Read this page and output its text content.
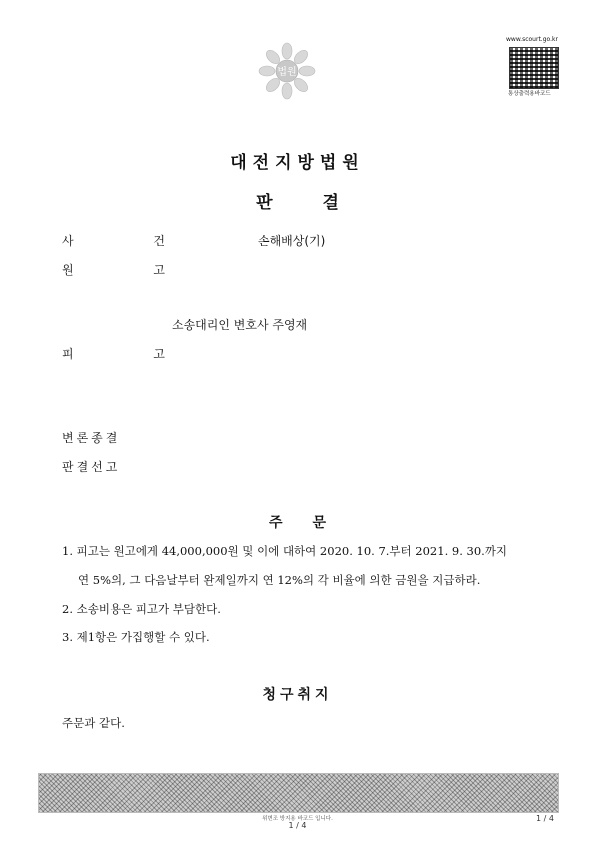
법원
www.scourt.go.kr
통상출력용바코드
대전지방법원
판결
사 건	손해배상(기)
원 고
소송대리인 변호사 주영재
피 고
변론종결
판결선고
주문
1. 피고는 원고에게 44,000,000원 및 이에 대하여 2020. 10. 7.부터 2021. 9. 30.까지
연 5%의, 그 다음날부터 완제일까지 연 12%의 각 비율에 의한 금원을 지급하라.
2. 소송비용은 피고가 부담한다.
3. 제1항은 가집행할 수 있다.
청구취지
주문과 같다.
위변조 방지용 바코드 입니다.
1 / 4
1 / 4
